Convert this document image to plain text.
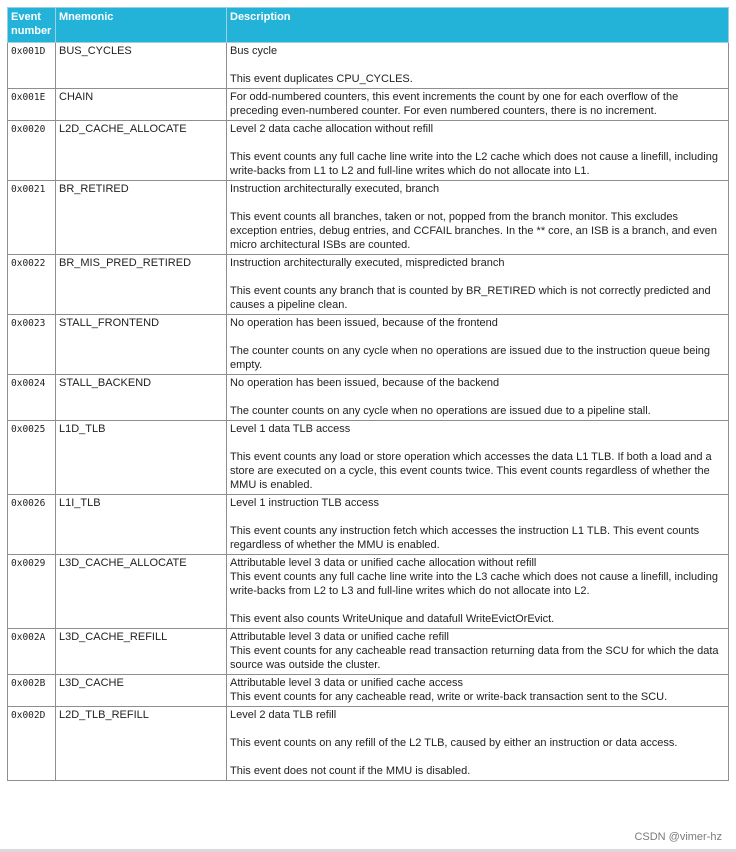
Event number	Mnemonic	Description
0x001D	BUS_CYCLES	Bus cycle

This event duplicates CPU_CYCLES.

0x001E	CHAIN	For odd-numbered counters, this event increments the count by one for each overflow of the preceding even-numbered counter. For even numbered counters, there is no increment.

0x0020	L2D_CACHE_ALLOCATE	Level 2 data cache allocation without refill

This event counts any full cache line write into the L2 cache which does not cause a linefill, including write-backs from L1 to L2 and full-line writes which do not allocate into L1.

0x0021	BR_RETIRED	Instruction architecturally executed, branch

This event counts all branches, taken or not, popped from the branch monitor. This excludes exception entries, debug entries, and CCFAIL branches. In the ** core, an ISB is a branch, and even micro architectural ISBs are counted.

0x0022	BR_MIS_PRED_RETIRED	Instruction architecturally executed, mispredicted branch

This event counts any branch that is counted by BR_RETIRED which is not correctly predicted and causes a pipeline clean.

0x0023	STALL_FRONTEND	No operation has been issued, because of the frontend

The counter counts on any cycle when no operations are issued due to the instruction queue being empty.

0x0024	STALL_BACKEND	No operation has been issued, because of the backend

The counter counts on any cycle when no operations are issued due to a pipeline stall.

0x0025	L1D_TLB	Level 1 data TLB access

This event counts any load or store operation which accesses the data L1 TLB. If both a load and a store are executed on a cycle, this event counts twice. This event counts regardless of whether the MMU is enabled.

0x0026	L1I_TLB	Level 1 instruction TLB access

This event counts any instruction fetch which accesses the instruction L1 TLB. This event counts regardless of whether the MMU is enabled.

0x0029	L3D_CACHE_ALLOCATE	Attributable level 3 data or unified cache allocation without refill

This event counts any full cache line write into the L3 cache which does not cause a linefill, including write-backs from L2 to L3 and full-line writes which do not allocate into L2.

This event also counts WriteUnique and datafull WriteEvictOrEvict.

0x002A	L3D_CACHE_REFILL	Attributable level 3 data or unified cache refill

This event counts for any cacheable read transaction returning data from the SCU for which the data source was outside the cluster.

0x002B	L3D_CACHE	Attributable level 3 data or unified cache access

This event counts for any cacheable read, write or write-back transaction sent to the SCU.

0x002D	L2D_TLB_REFILL	Level 2 data TLB refill

This event counts on any refill of the L2 TLB, caused by either an instruction or data access.

This event does not count if the MMU is disabled.

CSDN @vimer-hz
